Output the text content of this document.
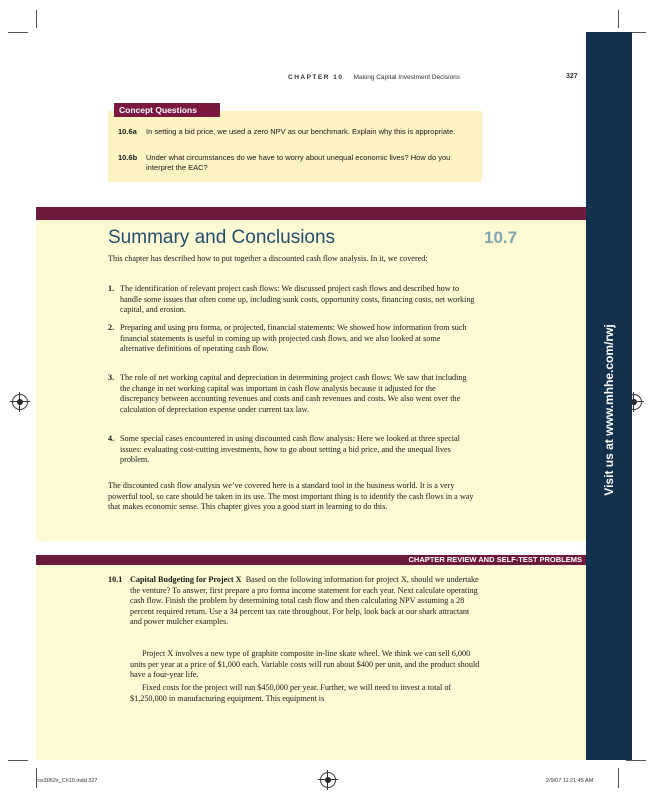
Visit us at www.mhhe.com/rwj
CHAPTER 10 Making Capital Investment Decisions	327
Concept Questions
10.6a In setting a bid price, we used a zero NPV as our benchmark. Explain why this is appropriate.
10.6b Under what circumstances do we have to worry about unequal economic lives? How do you interpret the EAC?
Summary and Conclusions	10.7
This chapter has described how to put together a discounted cash flow analysis. In it, we covered:
1. The identification of relevant project cash flows: We discussed project cash flows and described how to handle some issues that often come up, including sunk costs, opportunity costs, financing costs, net working capital, and erosion.
2. Preparing and using pro forma, or projected, financial statements: We showed how information from such financial statements is useful in coming up with projected cash flows, and we also looked at some alternative definitions of operating cash flow.
3. The role of net working capital and depreciation in determining project cash flows: We saw that including the change in net working capital was important in cash flow analysis because it adjusted for the discrepancy between accounting revenues and costs and cash revenues and costs. We also went over the calculation of depreciation expense under current tax law.
4. Some special cases encountered in using discounted cash flow analysis: Here we looked at three special issues: evaluating cost-cutting investments, how to go about setting a bid price, and the unequal lives problem.
The discounted cash flow analysis we’ve covered here is a standard tool in the business world. It is a very powerful tool, so care should be taken in its use. The most important thing is to identify the cash flows in a way that makes economic sense. This chapter gives you a good start in learning to do this.
CHAPTER REVIEW AND SELF-TEST PROBLEMS
10.1 Capital Budgeting for Project X Based on the following information for project X, should we undertake the venture? To answer, first prepare a pro forma income statement for each year. Next calculate operating cash flow. Finish the problem by determining total cash flow and then calculating NPV assuming a 28 percent required return. Use a 34 percent tax rate throughout. For help, look back at our shark attractant and power mulcher examples.
Project X involves a new type of graphite composite in-line skate wheel. We think we can sell 6,000 units per year at a price of $1,000 each. Variable costs will run about $400 per unit, and the product should have a four-year life.
Fixed costs for the project will run $450,000 per year. Further, we will need to invest a total of $1,250,000 in manufacturing equipment. This equipment is
ros3062x_Ch10.indd 327	2/9/07 11:21:45 AM
